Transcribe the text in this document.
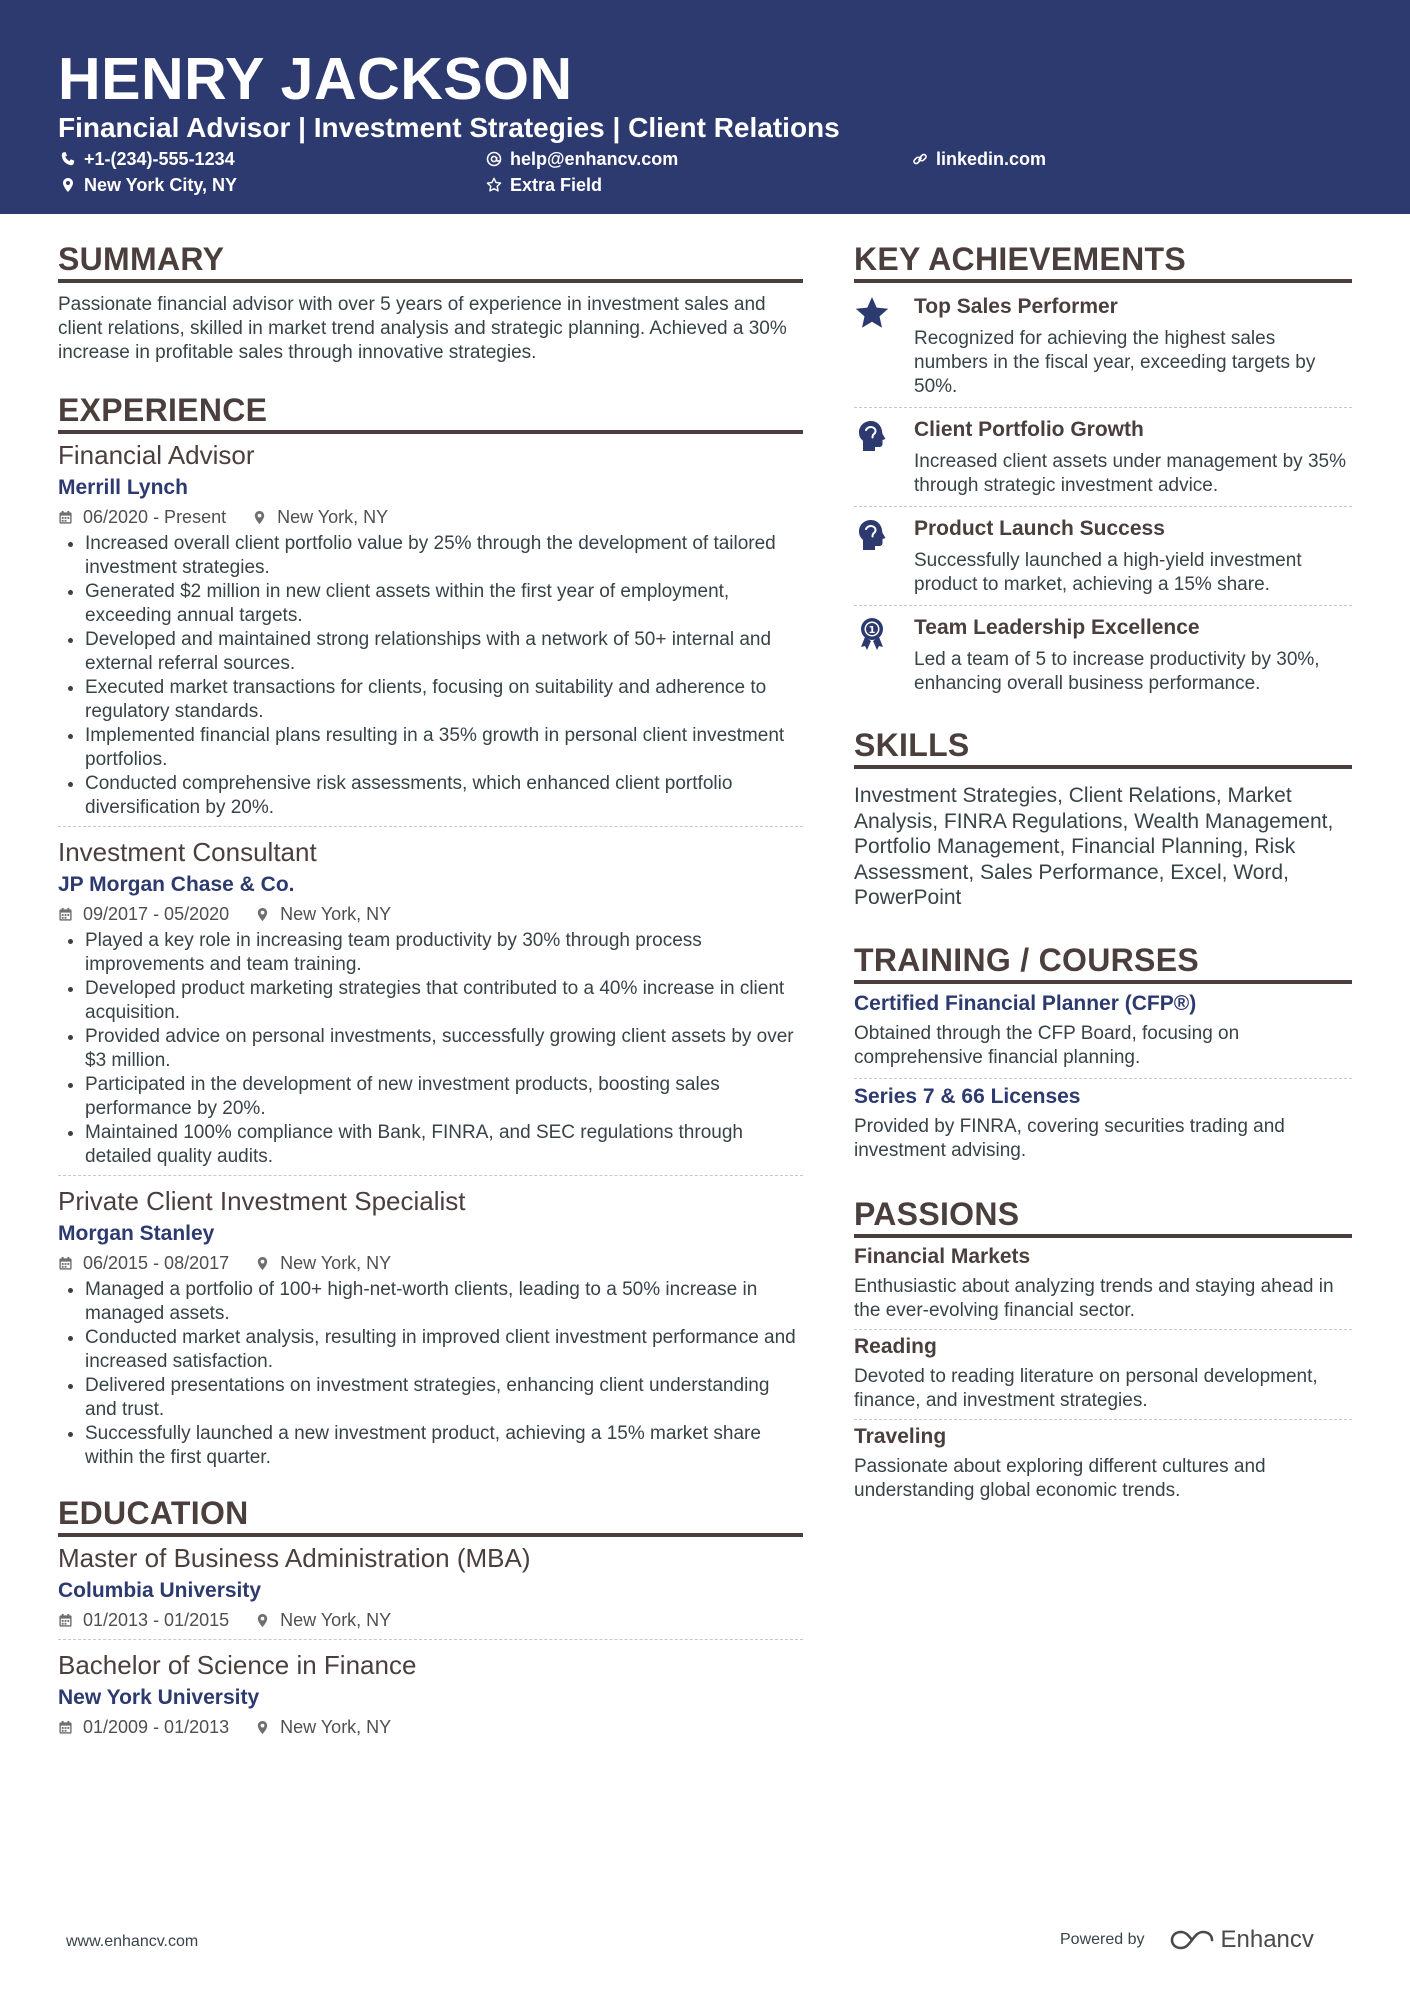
HENRY JACKSON
Financial Advisor | Investment Strategies | Client Relations
+1-(234)-555-1234	help@enhancv.com	linkedin.com
New York City, NY	Extra Field
SUMMARY

Passionate financial advisor with over 5 years of experience in investment sales and client relations, skilled in market trend analysis and strategic planning. Achieved a 30% increase in profitable sales through innovative strategies.

EXPERIENCE
Financial Advisor
Merrill Lynch
06/2020 - Present	New York, NY
• Increased overall client portfolio value by 25% through the development of tailored investment strategies.
• Generated $2 million in new client assets within the first year of employment, exceeding annual targets.
• Developed and maintained strong relationships with a network of 50+ internal and external referral sources.
• Executed market transactions for clients, focusing on suitability and adherence to regulatory standards.
• Implemented financial plans resulting in a 35% growth in personal client investment portfolios.
• Conducted comprehensive risk assessments, which enhanced client portfolio diversification by 20%.
Investment Consultant
JP Morgan Chase & Co.
09/2017 - 05/2020	New York, NY
• Played a key role in increasing team productivity by 30% through process improvements and team training.
• Developed product marketing strategies that contributed to a 40% increase in client acquisition.
• Provided advice on personal investments, successfully growing client assets by over $3 million.
• Participated in the development of new investment products, boosting sales performance by 20%.
• Maintained 100% compliance with Bank, FINRA, and SEC regulations through detailed quality audits.
Private Client Investment Specialist
Morgan Stanley
06/2015 - 08/2017	New York, NY
• Managed a portfolio of 100+ high-net-worth clients, leading to a 50% increase in managed assets.
• Conducted market analysis, resulting in improved client investment performance and increased satisfaction.
• Delivered presentations on investment strategies, enhancing client understanding and trust.
• Successfully launched a new investment product, achieving a 15% market share within the first quarter.
EDUCATION
Master of Business Administration (MBA)
Columbia University
01/2013 - 01/2015	New York, NY
Bachelor of Science in Finance
New York University
01/2009 - 01/2013	New York, NY
KEY ACHIEVEMENTS
Top Sales Performer
Recognized for achieving the highest sales numbers in the fiscal year, exceeding targets by 50%.
Client Portfolio Growth
Increased client assets under management by 35% through strategic investment advice.
Product Launch Success
Successfully launched a high-yield investment product to market, achieving a 15% share.
1 Team Leadership Excellence
Led a team of 5 to increase productivity by 30%, enhancing overall business performance.
SKILLS

Investment Strategies, Client Relations, Market Analysis, FINRA Regulations, Wealth Management, Portfolio Management, Financial Planning, Risk Assessment, Sales Performance, Excel, Word, PowerPoint

TRAINING / COURSES
Certified Financial Planner (CFP®)
Obtained through the CFP Board, focusing on comprehensive financial planning.
Series 7 & 66 Licenses
Provided by FINRA, covering securities trading and investment advising.
PASSIONS
Financial Markets
Enthusiastic about analyzing trends and staying ahead in the ever-evolving financial sector.
Reading
Devoted to reading literature on personal development, finance, and investment strategies.
Traveling
Passionate about exploring different cultures and understanding global economic trends.
www.enhancv.com	Powered by	Enhancv
